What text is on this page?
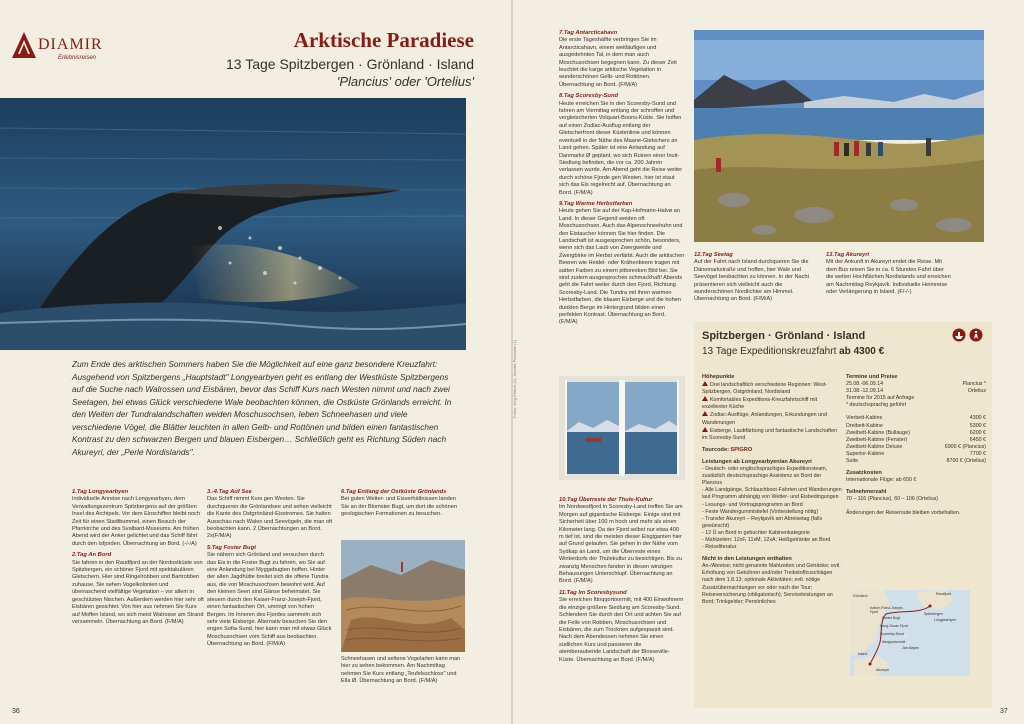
DIAMIR
Erlebnisreisen
Arktische Paradiese
13 Tage Spitzbergen · Grönland · Island
'Plancius' oder 'Ortelius'
Fotos: Jörg Ehrlich (1), Sandra Petrowitz (1)
Zum Ende des arktischen Sommers haben Sie die Möglichkeit auf eine ganz besondere Kreuzfahrt: Ausgehend von Spitzbergens „Hauptstadt" Longyearbyen geht es entlang der Westküste Spitzbergens auf die Suche nach Walrossen und Eisbären, bevor das Schiff Kurs nach Westen nimmt und nach zwei Seetagen, bei etwas Glück verschiedene Wale beobachten können, die Ostküste Grönlands erreicht. In den Weiten der Tundralandschaften weiden Moschusochsen, leben Schneehasen und viele verschiedene Vögel, die Blätter leuchten in allen Gelb- und Rottönen und bilden einen fantastischen Kontrast zu den schwarzen Bergen und blauen Eisbergen… Schließlich geht es Richtung Süden nach Akureyri, der „Perle Nordislands".
1.Tag Longyearbyen

Individuelle Anreise nach Longyearbyen, dem Verwaltungszentrum Spitzbergens auf der größten Insel des Archipels. Vor dem Einschiffen bleibt noch Zeit für einen Stadtbummel, einen Besuch der Pfarrkirche und des Svalbard-Museums. Am frühen Abend wird der Anker gelichtet und das Schiff fährt durch den Isfjorden. Übernachtung an Bord. (-/-/A)

2.Tag An Bord

Sie fahren in den Raudfjord an der Nordostküste von Spitzbergen, ein schöner Fjord mit spektakulären Gletschern. Hier sind Ringelrobben und Bartrobben zuhause, Sie sehen Vogelkolonien und überraschend vielfältige Vegetation – vor allem in geschützten Nischen. Außerdem werden hier sehr oft Eisbären gesichtet. Von hier aus nehmen Sie Kurs auf Moffen Island, wo sich meist Walrosse am Strand versammeln. Übernachtung an Bord. (F/M/A)

3.-4.Tag Auf See

Das Schiff nimmt Kurs gen Westen. Sie durchqueren die Grönlandsee und sehen vielleicht die Kante des Ostgrönland-Eisstromes. Sie halten Ausschau nach Walen und Seevögeln, die man oft beobachten kann. 2 Übernachtungen an Bord. 2x(F/M/A)

5.Tag Foster Bugt

Sie nähern sich Grönland und versuchen durch das Eis in die Foster Bugt zu fahren, wo Sie auf eine Anlandung bei Myggebugten hoffen. Hinter der alten Jagdhütte breitet sich die offene Tundra aus, die von Moschusochsen bewohnt wird. Auf den kleinen Seen sind Gänse beheimatet. Sie steuern durch den Kaiser-Franz-Joseph-Fjord, einen fantastischen Ort, umringt von hohen Bergen. Im Inneren des Fjordes sammeln sich sehr viele Eisberge. Alternativ besuchen Sie den engen Sofia-Sund, hier kann man mit etwas Glück Moschusochsen vom Schiff aus beobachten. Übernachtung an Bord. (F/M/A)

6.Tag Entlang der Ostküste Grönlands

Bei guten Wetter- und Eisverhältnissen landen Sie an der Blomster Bugt, um dort die schönen geologischen Formationen zu besuchen.

Schneehasen und seltene Vogelarten kann man hier zu sehen bekommen. Am Nachmittag nehmen Sie Kurs entlang „Teufelsschloss" und Ella Ø. Übernachtung an Bord. (F/M/A)

36
7.Tag Antarcticahavn

Die erste Tageshälfte verbringen Sie im Antarcticahavn, einem weitläufigen und ausgedehnten Tal, in dem man auch Moschusochsen begegnen kann. Zu dieser Zeit leuchtet die karge arktische Vegetation in wunderschönen Gelb- und Rottönen. Übernachtung an Bord. (F/M/A)

8.Tag Scoresby-Sund

Heute erreichen Sie in den Scoresby-Sund und fahren am Vormittag entlang der schroffen und vergletscherten Volquart-Boons-Küste. Sie hoffen auf einen Zodiac-Ausflug entlang der Gletscherfront dieser Küstenlinie und können eventuell in der Nähe des Maane-Gletschers an Land gehen. Später ist eine Anlandung auf Danmarks Ø geplant, wo sich Ruinen einer Inuit-Siedlung befinden, die vor ca. 200 Jahren verlassen wurde. Am Abend geht die Reise weiter durch schöne Fjorde gen Westen, hier ist staut sich das Eis regelrecht auf. Übernachtung an Bord. (F/M/A)

9.Tag Warme Herbstfarben

Heute gehen Sie auf der Kap-Hofmann-Halvø an Land. In dieser Gegend weiden oft Moschusochsen. Auch das Alpenschneehuhn und den Eistaucher können Sie hier finden. Die Landschaft ist ausgesprochen schön, besonders, wenn sich das Laub von Zwergweide und Zwergbirke im Herbst verfärbt. Auch die arktischen Beeren wie Heidel- oder Krähenbeere tragen mit satten Farben zu einem pittoresken Bild bei. Sie sind zudem ausgesprochen schmackhaft! Abends geht die Fahrt weiter durch den Fjord, Richtung Scoresby-Land. Die Tundra mit ihren warmen Herbstfarben, die blauen Eisberge und die hohen dunklen Berge im Hintergrund bilden einen perfekten Kontrast. Übernachtung an Bord. (F/M/A)

12.Tag Seetag

Auf der Fahrt nach Island durchqueren Sie die Dänemarkstraße und hoffen, hier Wale und Seevögel beobachten zu können. In der Nacht präsentieren sich vielleicht auch die wunderschönen Nordlichter am Himmel. Übernachtung an Bord. (F/M/A)

13.Tag Akureyri

Mit der Ankunft in Akureyri endet die Reise. Mit dem Bus reisen Sie in ca. 6 Stunden Fahrt über die weiten Hochflächen Nordislands und erreichen am Nachmittag Reykjavík. Individuelle Heimreise oder Verlängerung in Island. (F/-/-)

10.Tag Überreste der Thule-Kultur

Im Nordwestfjord in Scoresby-Land treffen Sie am Morgen auf gigantische Eisberge. Einige sind mit Sicherheit über 100 m hoch und mehr als einen Kilometer lang. Da der Fjord selbst nur etwa 400 m tief ist, sind die meisten dieser Eisgiganten hier auf Grund gelaufen. Sie gehen in der Nähe vom Sydkap an Land, um die Überreste eines Winterdorfs der Thulekultur zu besichtigen. Bis zu zwanzig Menschen fanden in diesen winzigen Behausungen Unterschlupf. Übernachtung an Bord. (F/M/A)

11.Tag Im Scoresbysund

Sie erreichen Ittoqqortoormiit, mit 400 Einwohnern die einzige größere Siedlung am Scoresby-Sund. Schlendern Sie durch den Ort und achten Sie auf die Felle von Robben, Moschusochsen und Eisbären, die zum Trocknen aufgespannt sind. Nach dem Abendessen nehmen Sie einen südlichen Kurs und passieren die atemberaubende Landschaft der Blosseville-Küste. Übernachtung an Bord. (F/M/A)

Spitzbergen · Grönland · Island
13 Tage Expeditionskreuzfahrt ab 4300 €
Höhepunkte
Drei landschaftlich verschiedene Regionen: West-Spitzbergen, Ostgrönland, Nordisland
Komfortables Expeditions-Kreuzfahrtschiff mit exzellenter Küche
Zodiac-Ausflüge, Anlandungen, Erkundungen und Wanderungen
Eisberge, Laubfärbung und fantastische Landschaften im Scoresby-Sund
Tourcode: SPIGRO
Leistungen ab Longyearbyen/an Akureyri
- Deutsch- oder englischsprachiges Expeditionsteam, zusätzlich deutschsprachige Assistenz an Bord der Plancius
- Alle Landgänge, Schlauchboot-Fahrten und Wanderungen laut Programm abhängig von Wetter- und Eisbedingungen
- Lesungs- und Vortragsprogramm an Bord
- Feste Wandergummistiefel (Vorbestellung nötig)
- Transfer Akureyri – Reykjavík am Abreisetag (falls gewünscht)
- 12 Ü an Bord in gebuchter Kabinenkategorie
- Mahlzeiten: 12xF, 11xM, 12xA; Heißgetränke an Bord
- Reiseliteratur
Nicht in den Leistungen enthalten
An-/Abreise; nicht genannte Mahlzeiten und Getränke; evtl. Erhöhung von Gebühren und/oder Treibstoffzuschlägen nach dem 1.8.13; optionale Aktivitäten; evtl. nötige Zusatzübernachtungen vor oder nach der Tour; Reiseversicherung (obligatorisch); Serviceleistungen an Bord; Trinkgelder; Persönliches
Termine und Preise
25.08.-06.09.14	Plancius *
31.08.-12.09.14	Ortelius
Termine für 2015 auf Anfrage
* deutschsprachig geführt
Vierbett-Kabine	4300 €
Dreibett-Kabine	5300 €
Zweibett-Kabine (Bullauge)	6200 €
Zweibett-Kabine (Fenster)	6450 €
Zweibett-Kabine Deluxe	6900 € (Plancius)
Superior-Kabine	7700 €
Suite	8700 € (Ortelius)
Zusatzkosten
Internationale Flüge: ab 650 €
Teilnehmerzahl
70 – 116 (Plancius), 60 – 106 (Ortelius)
Änderungen der Reiseroute bleiben vorbehalten.
Grönland
Kaiser-Franz-Joseph-Fjord
Foster Bugt
Kong-Oscar-Fjord
Scoresby-Sund
Ittoqqortoormiit
Jan Mayen
Island
Akureyri
Spitzbergen
Raudfjord
Longyearbyen
37
